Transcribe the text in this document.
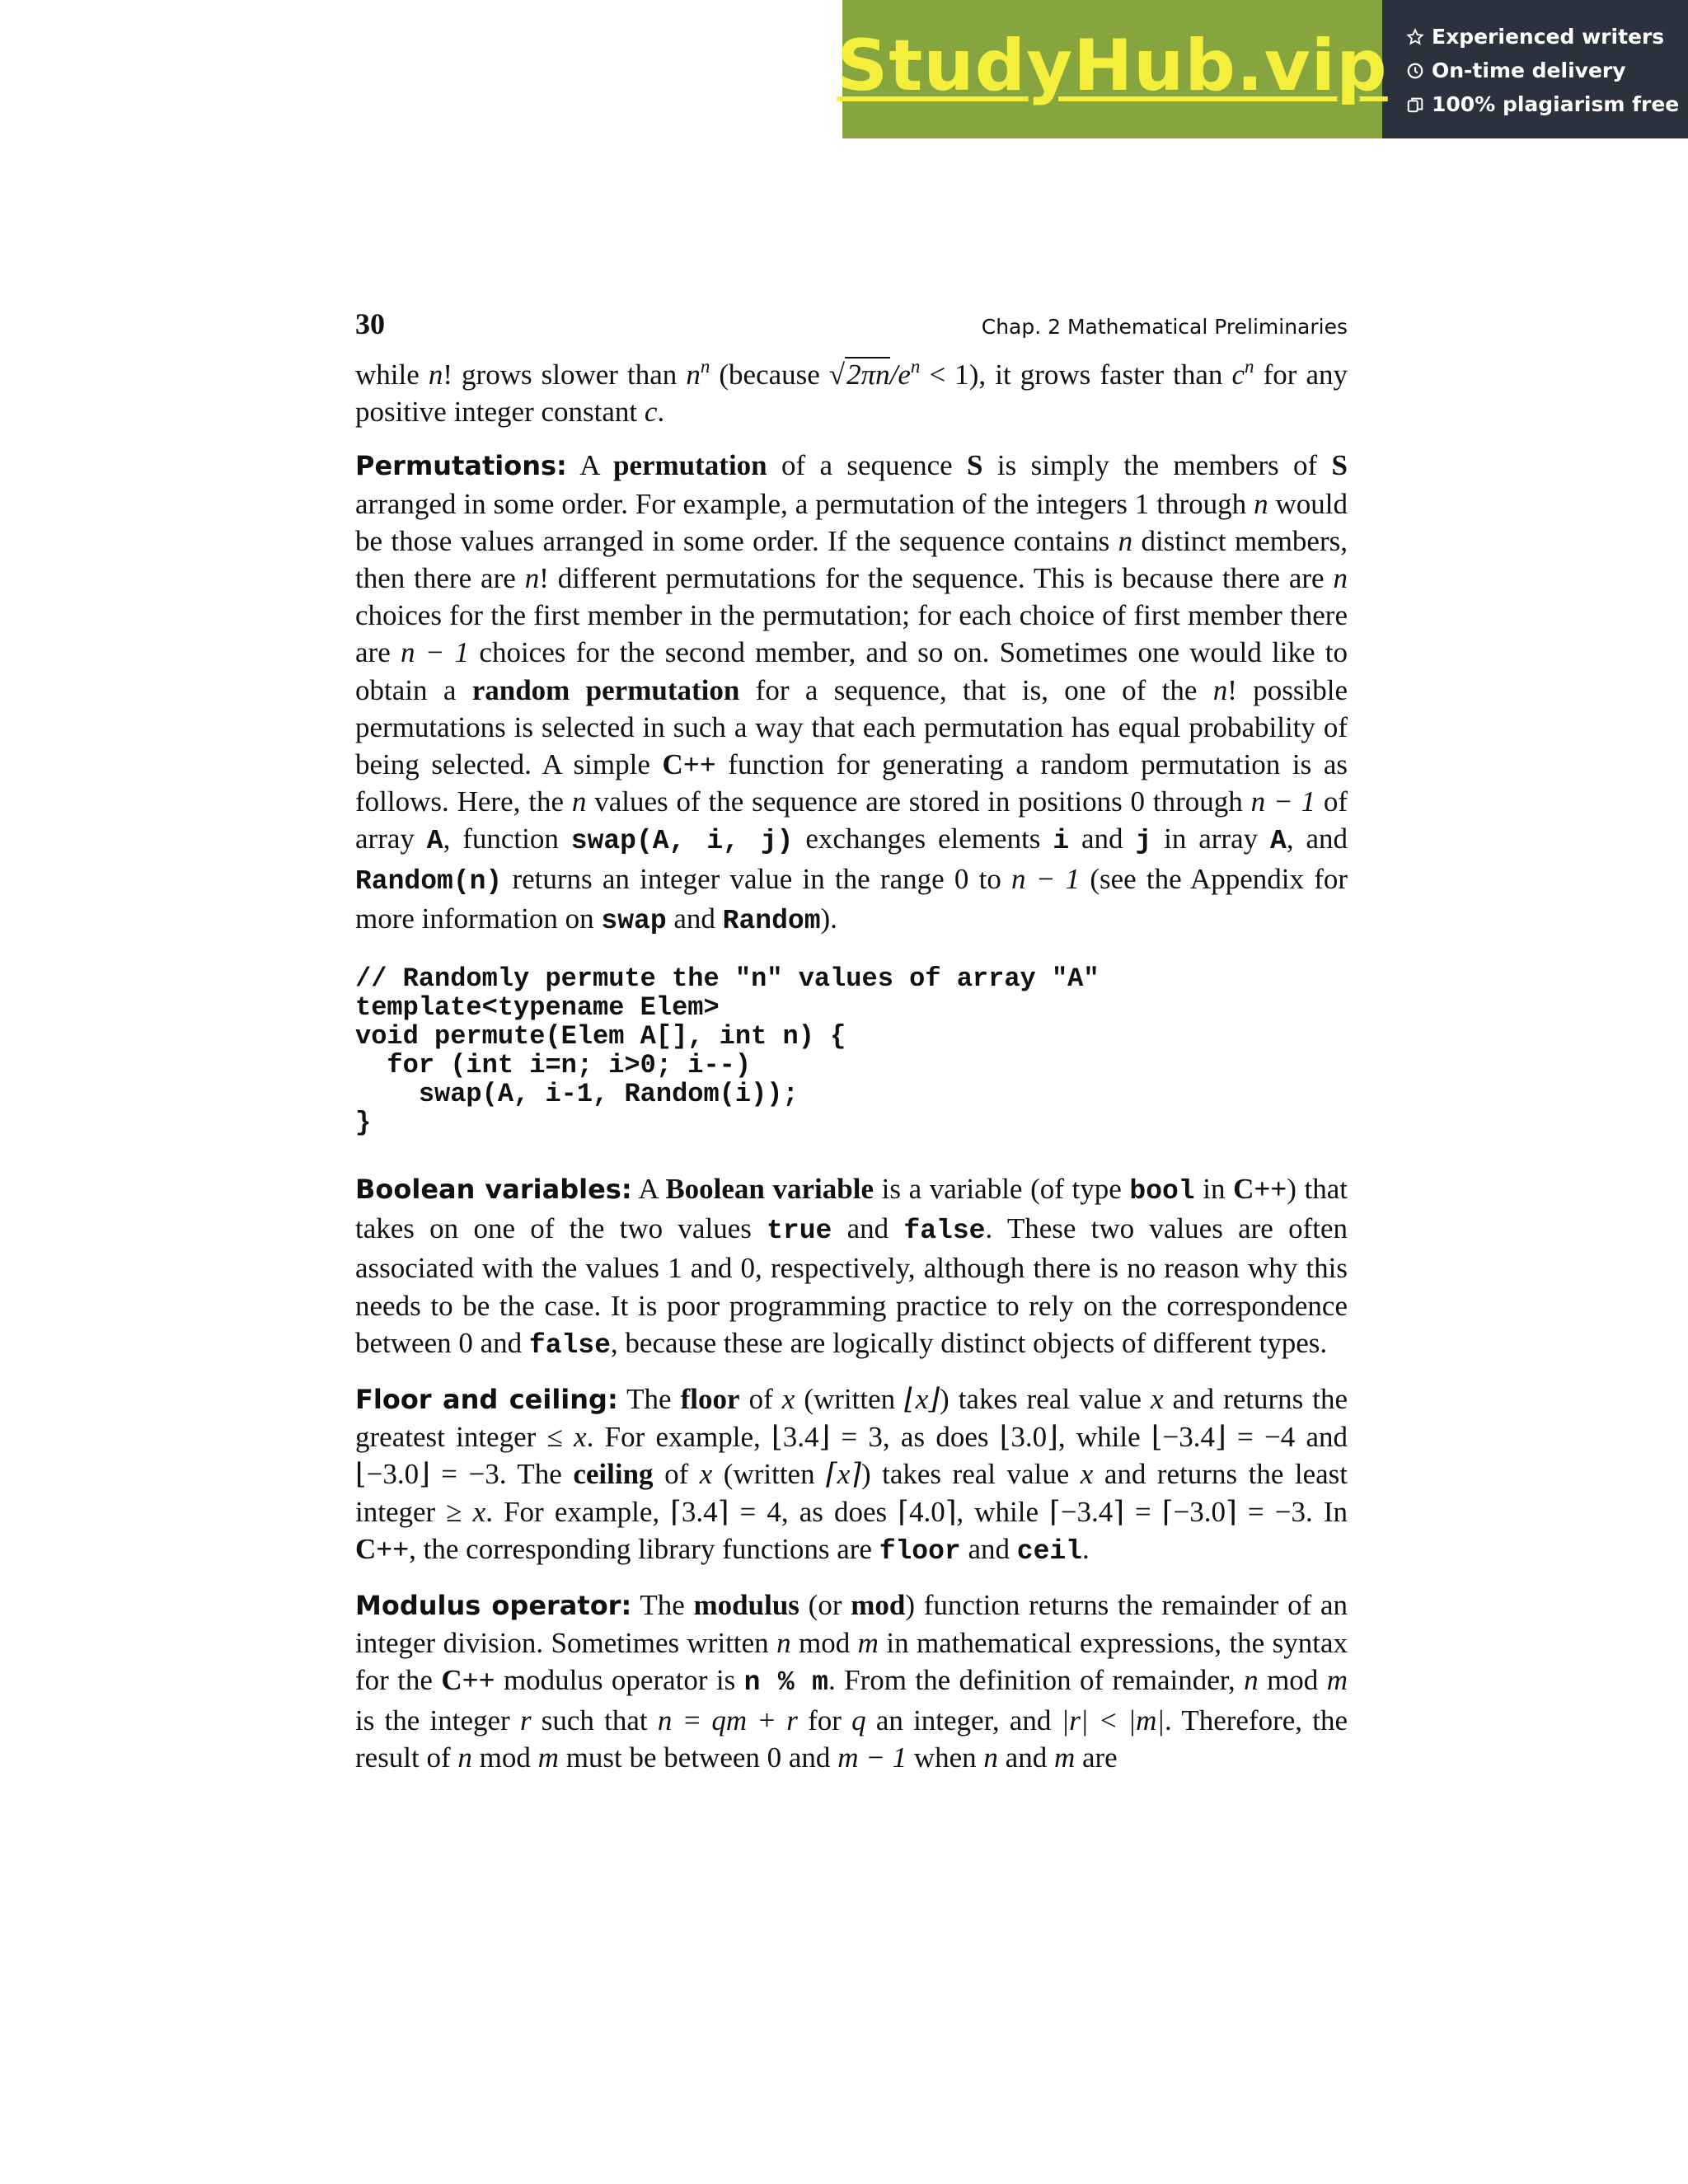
StudyHub.vip Experienced writers
On-time delivery
100% plagiarism free
30	Chap. 2 Mathematical Preliminaries

while n! grows slower than $n^n$ (because $√2\pi n/e^n < 1$), it grows faster than $c^n$ for any positive integer constant c.

Permutations: A permutation of a sequence S is simply the members of S arranged in some order. For example, a permutation of the integers 1 through n would be those values arranged in some order. If the sequence contains n distinct members, then there are n! different permutations for the sequence. This is because there are n choices for the first member in the permutation; for each choice of first member there are n − 1 choices for the second member, and so on. Sometimes one would like to obtain a random permutation for a sequence, that is, one of the n! possible permutations is selected in such a way that each permutation has equal probability of being selected. A simple C++ function for generating a random permutation is as follows. Here, the n values of the sequence are stored in positions 0 through n − 1 of array A, function swap(A, i, j) exchanges elements i and j in array A, and Random(n) returns an integer value in the range 0 to n − 1 (see the Appendix for more information on swap and Random).

// Randomly permute the "n" values of array "A"
template<typename Elem>
void permute(Elem A[], int n) {
for (int i=n; i>0; i--)
swap(A, i-1, Random(i));
}

Boolean variables: A Boolean variable is a variable (of type bool in C++) that takes on one of the two values true and false. These two values are often associated with the values 1 and 0, respectively, although there is no reason why this needs to be the case. It is poor programming practice to rely on the correspondence between 0 and false, because these are logically distinct objects of different types.

Floor and ceiling: The floor of x (written ⌊x⌋) takes real value x and returns the greatest integer ≤ x. For example, ⌊3.4⌋ = 3, as does ⌊3.0⌋, while ⌊−3.4⌋ = −4 and ⌊−3.0⌋ = −3. The ceiling of x (written ⌈x⌉) takes real value x and returns the least integer ≥ x. For example, ⌈3.4⌉ = 4, as does ⌈4.0⌉, while ⌈−3.4⌉ = ⌈−3.0⌉ = −3. In C++, the corresponding library functions are floor and ceil.

Modulus operator: The modulus (or mod) function returns the remainder of an integer division. Sometimes written n mod m in mathematical expressions, the syntax for the C++ modulus operator is n % m. From the definition of remainder, n mod m is the integer r such that n = qm + r for q an integer, and |r| < |m|. Therefore, the result of n mod m must be between 0 and m − 1 when n and m are
